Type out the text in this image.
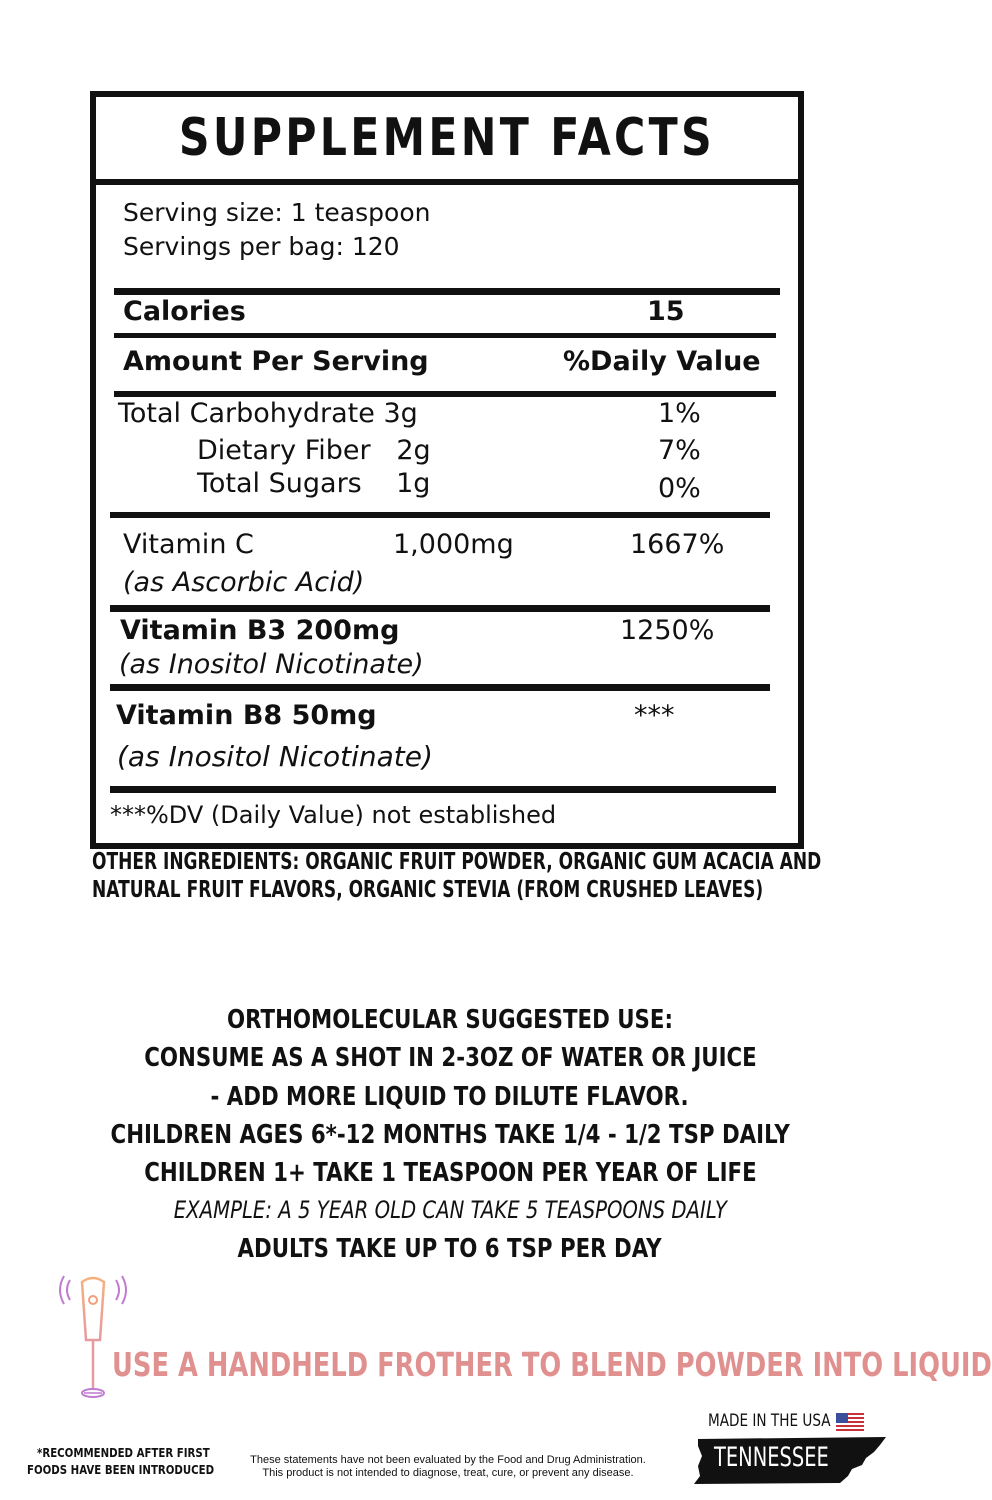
SUPPLEMENT FACTS
Serving size: 1 teaspoon
Servings per bag: 120
Calories	15
Amount Per Serving	%Daily Value
Total Carbohydrate 3g	1%
Dietary Fiber   2g	7%
Total Sugars    1g	0%
Vitamin C	1,000mg	1667%
(as Ascorbic Acid)
Vitamin B3 200mg	1250%
(as Inositol Nicotinate)
Vitamin B8 50mg	***
(as Inositol Nicotinate)
***%DV (Daily Value) not established
OTHER INGREDIENTS: ORGANIC FRUIT POWDER, ORGANIC GUM ACACIA AND
NATURAL FRUIT FLAVORS, ORGANIC STEVIA (FROM CRUSHED LEAVES)
ORTHOMOLECULAR SUGGESTED USE:
CONSUME AS A SHOT IN 2-3OZ OF WATER OR JUICE
- ADD MORE LIQUID TO DILUTE FLAVOR.
CHILDREN AGES 6*-12 MONTHS TAKE 1/4 - 1/2 TSP DAILY
CHILDREN 1+ TAKE 1 TEASPOON PER YEAR OF LIFE
EXAMPLE: A 5 YEAR OLD CAN TAKE 5 TEASPOONS DAILY
ADULTS TAKE UP TO 6 TSP PER DAY
USE A HANDHELD FROTHER TO BLEND POWDER INTO LIQUID
*RECOMMENDED AFTER FIRST
FOODS HAVE BEEN INTRODUCED
These statements have not been evaluated by the Food and Drug Administration.
This product is not intended to diagnose, treat, cure, or prevent any disease.
MADE IN THE USA
TENNESSEE
